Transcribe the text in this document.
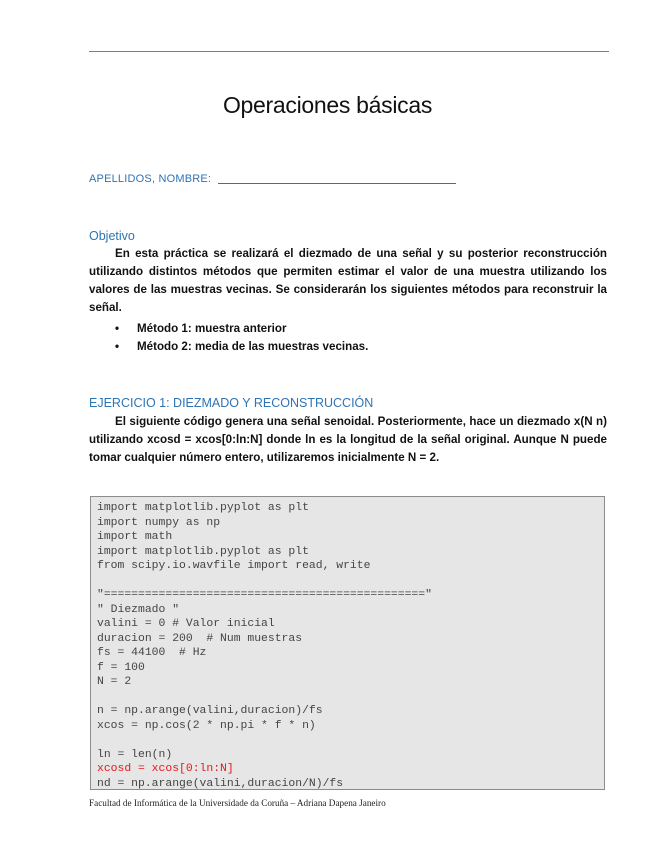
Operaciones básicas
APELLIDOS, NOMBRE:
Objetivo
En esta práctica se realizará el diezmado de una señal y su posterior reconstrucción utilizando distintos métodos que permiten estimar el valor de una muestra utilizando los valores de las muestras vecinas. Se considerarán los siguientes métodos para reconstruir la señal.
• Método 1: muestra anterior
• Método 2: media de las muestras vecinas.
EJERCICIO 1: DIEZMADO Y RECONSTRUCCIÓN
El siguiente código genera una señal senoidal. Posteriormente, hace un diezmado x(N n) utilizando xcosd = xcos[0:ln:N] donde ln es la longitud de la señal original. Aunque N puede tomar cualquier número entero, utilizaremos inicialmente N = 2.
import matplotlib.pyplot as plt
import numpy as np
import math
import matplotlib.pyplot as plt
from scipy.io.wavfile import read, write
"==============================================="
" Diezmado "
valini = 0 # Valor inicial
duracion = 200  # Num muestras
fs = 44100  # Hz
f = 100
N = 2
n = np.arange(valini,duracion)/fs
xcos = np.cos(2 * np.pi * f * n)
ln = len(n)
xcosd = xcos[0:ln:N]
nd = np.arange(valini,duracion/N)/fs
Facultad de Informática de la Universidade da Coruña – Adriana Dapena Janeiro
